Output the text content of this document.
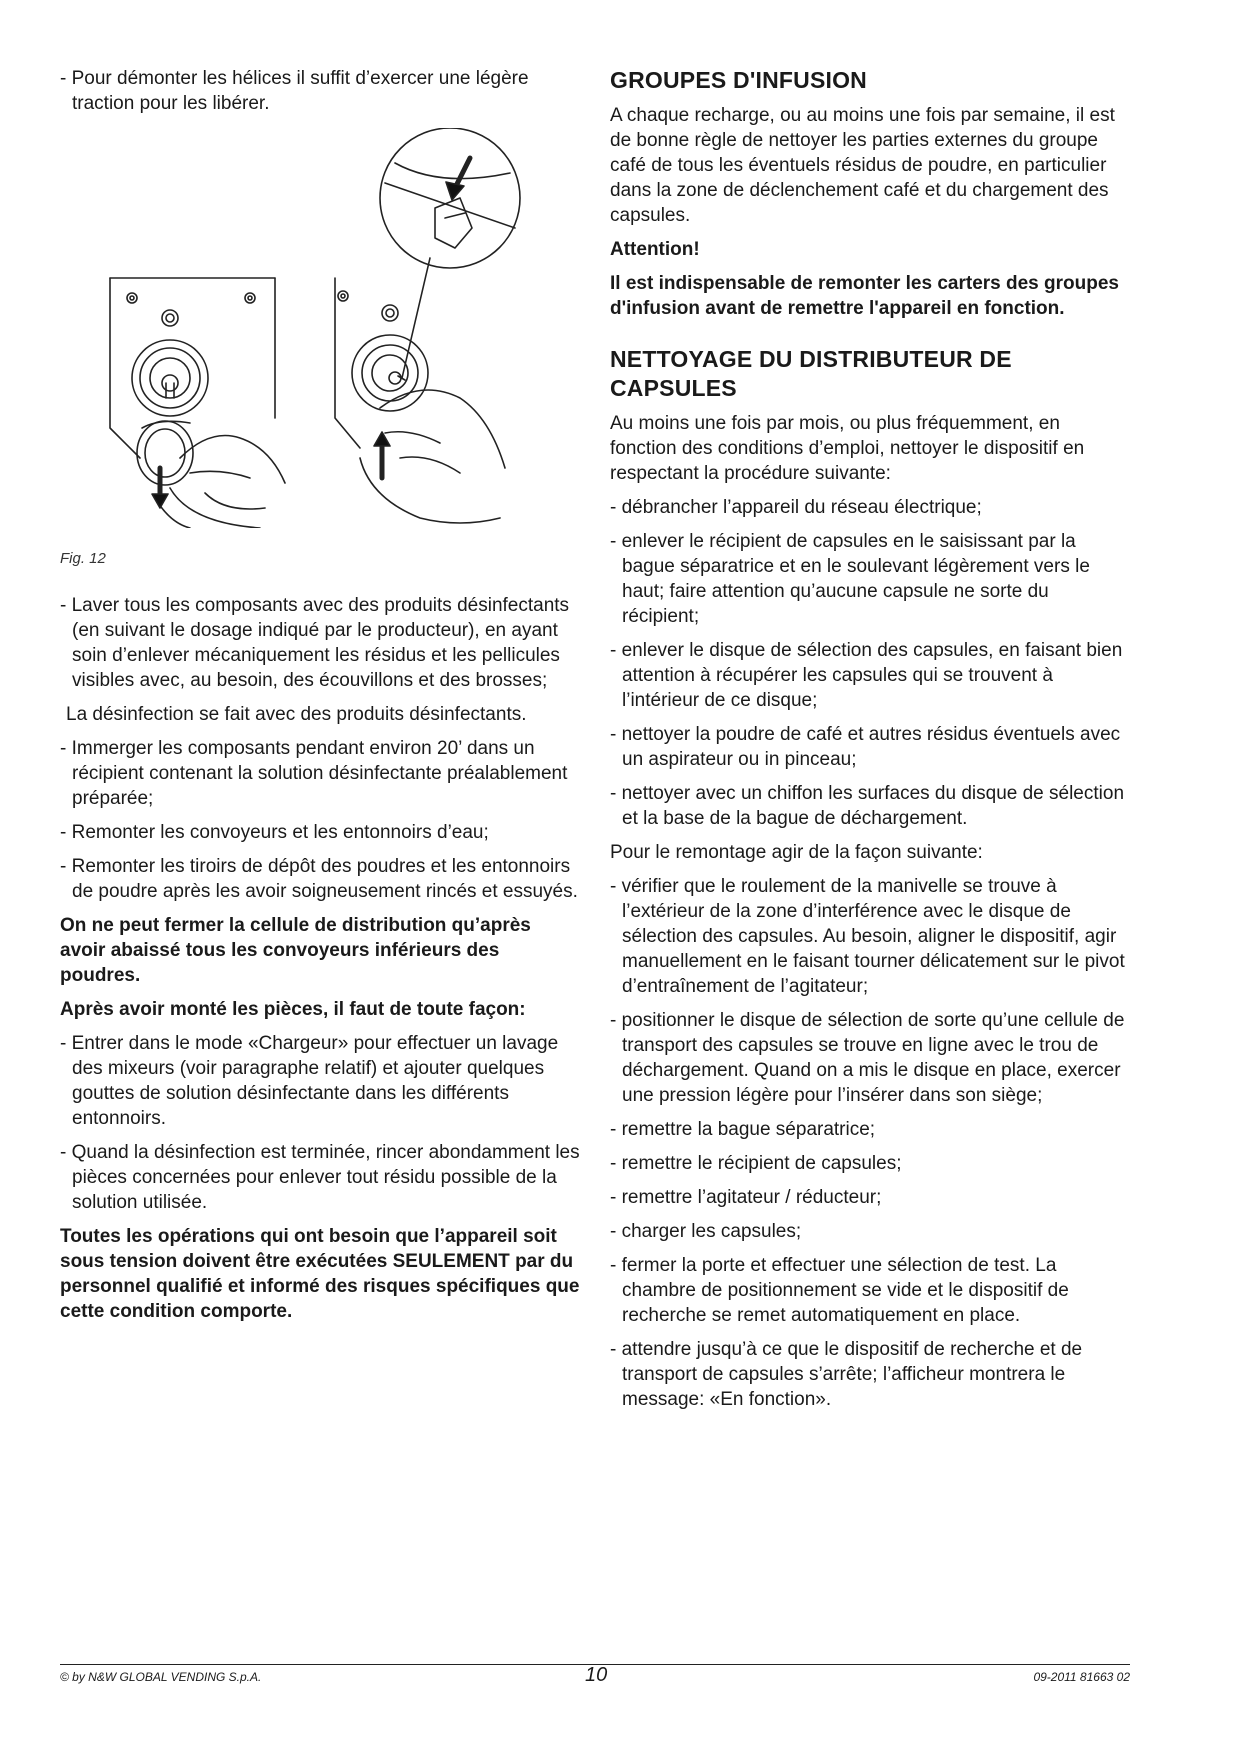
- Pour démonter les hélices il suffit d’exercer une légère traction pour les libérer.

Fig. 12

- Laver tous les composants avec des produits désinfectants (en suivant le dosage indiqué par le producteur), en ayant soin d’enlever mécaniquement les résidus et les pellicules visibles avec, au besoin, des écouvillons et des brosses;

La désinfection se fait avec des produits désinfectants.

- Immerger les composants pendant environ 20’ dans un récipient contenant la solution désinfectante préalablement préparée;

- Remonter les convoyeurs et les entonnoirs d’eau;

- Remonter les tiroirs de dépôt des poudres et les entonnoirs de poudre après les avoir soigneusement rincés et essuyés.

On ne peut fermer la cellule de distribution qu’après avoir abaissé tous les convoyeurs inférieurs des poudres.

Après avoir monté les pièces, il faut de toute façon:

- Entrer dans le mode «Chargeur» pour effectuer un lavage des mixeurs (voir paragraphe relatif) et ajouter quelques gouttes de solution désinfectante dans les différents entonnoirs.

- Quand la désinfection est terminée, rincer abondamment les pièces concernées pour enlever tout résidu possible de la solution utilisée.

Toutes les opérations qui ont besoin que l’appareil soit sous tension doivent être exécutées SEULEMENT par du personnel qualifié et informé des risques spécifiques que cette condition comporte.

GROUPES D'INFUSION

A chaque recharge, ou au moins une fois par semaine, il est de bonne règle de nettoyer les parties externes du groupe café de tous les éventuels résidus de poudre, en particulier dans la zone de déclenchement café et du chargement des capsules.

Attention!

Il est indispensable de remonter les carters des groupes d'infusion avant de remettre l'appareil en fonction.

NETTOYAGE DU DISTRIBUTEUR DE CAPSULES

Au moins une fois par mois, ou plus fréquemment, en fonction des conditions d’emploi, nettoyer le dispositif en respectant la procédure suivante:

- débrancher l’appareil du réseau électrique;

- enlever le récipient de capsules en le saisissant par la bague séparatrice et en le soulevant légèrement vers le haut; faire attention qu’aucune capsule ne sorte du récipient;

- enlever le disque de sélection des capsules, en faisant bien attention à récupérer les capsules qui se trouvent à l’intérieur de ce disque;

- nettoyer la poudre de café et autres résidus éventuels avec un aspirateur ou in pinceau;

- nettoyer avec un chiffon les surfaces du disque de sélection et la base de la bague de déchargement.

Pour le remontage agir de la façon suivante:

- vérifier que le roulement de la manivelle se trouve à l’extérieur de la zone d’interférence avec le disque de sélection des capsules. Au besoin, aligner le dispositif, agir manuellement en le faisant tourner délicatement sur le pivot d’entraînement de l’agitateur;

- positionner le disque de sélection de sorte qu’une cellule de transport des capsules se trouve en ligne avec le trou de déchargement. Quand on a mis le disque en place, exercer une pression légère pour l’insérer dans son siège;

- remettre la bague séparatrice;

- remettre le récipient de capsules;

- remettre l’agitateur / réducteur;

- charger les capsules;

- fermer la porte et effectuer une sélection de test. La chambre de positionnement se vide et le dispositif de recherche se remet automatiquement en place.

- attendre jusqu’à ce que le dispositif de recherche et de transport de capsules s’arrête; l’afficheur montrera le message: «En fonction».

© by N&W GLOBAL VENDING S.p.A.	10	09-2011 81663 02
